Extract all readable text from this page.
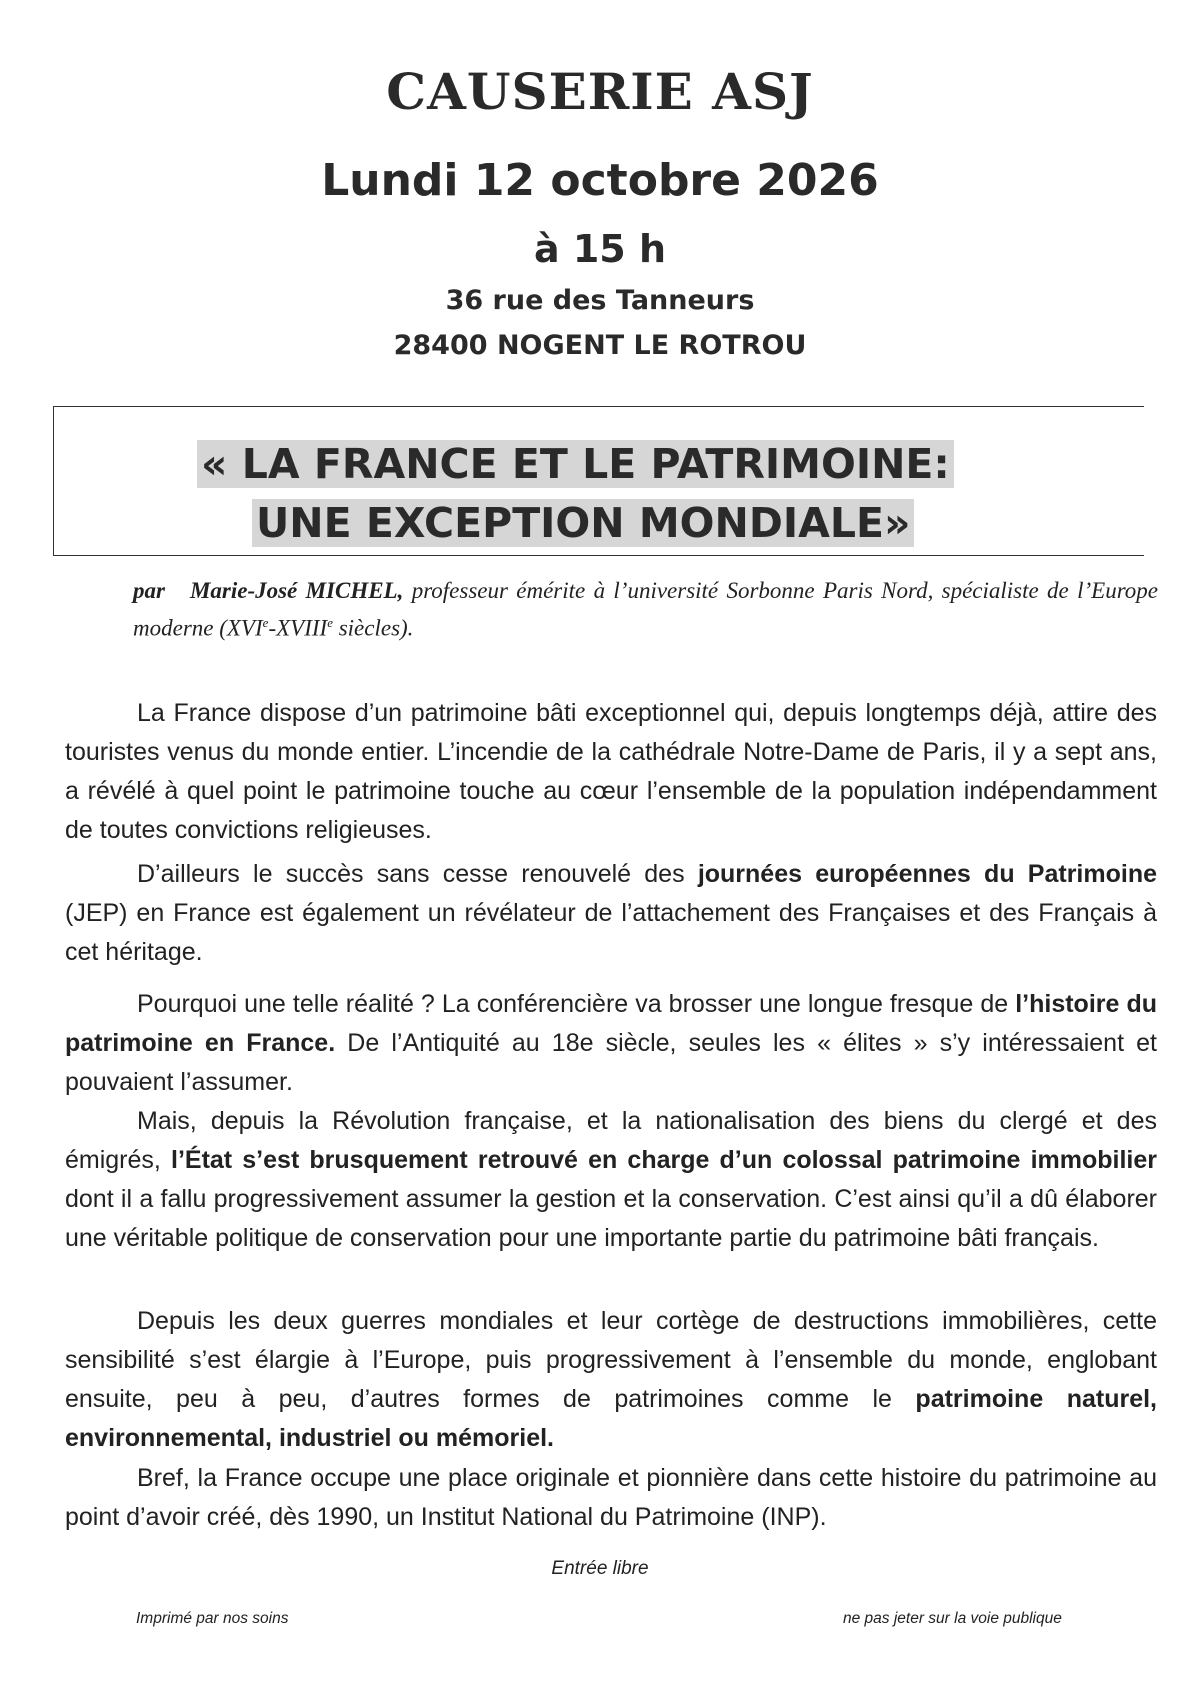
CAUSERIE ASJ
Lundi 12 octobre 2026
à 15 h
36 rue des Tanneurs
28400 NOGENT LE ROTROU
« LA FRANCE ET LE PATRIMOINE:
UNE EXCEPTION MONDIALE»
par Marie-José MICHEL, professeur émérite à l’université Sorbonne Paris Nord, spécialiste de l’Europe moderne (XVIe-XVIIIe siècles).

La France dispose d’un patrimoine bâti exceptionnel qui, depuis longtemps déjà, attire des touristes venus du monde entier. L’incendie de la cathédrale Notre-Dame de Paris, il y a sept ans, a révélé à quel point le patrimoine touche au cœur l’ensemble de la population indépendamment de toutes convictions religieuses.

D’ailleurs le succès sans cesse renouvelé des journées européennes du Patrimoine (JEP) en France est également un révélateur de l’attachement des Françaises et des Français à cet héritage.

Pourquoi une telle réalité ? La conférencière va brosser une longue fresque de l’histoire du patrimoine en France. De l’Antiquité au 18e siècle, seules les « élites » s’y intéressaient et pouvaient l’assumer.

Mais, depuis la Révolution française, et la nationalisation des biens du clergé et des émigrés, l’État s’est brusquement retrouvé en charge d’un colossal patrimoine immobilier dont il a fallu progressivement assumer la gestion et la conservation. C’est ainsi qu’il a dû élaborer une véritable politique de conservation pour une importante partie du patrimoine bâti français.

Depuis les deux guerres mondiales et leur cortège de destructions immobilières, cette sensibilité s’est élargie à l’Europe, puis progressivement à l’ensemble du monde, englobant ensuite, peu à peu, d’autres formes de patrimoines comme le patrimoine naturel, environnemental, industriel ou mémoriel.

Bref, la France occupe une place originale et pionnière dans cette histoire du patrimoine au point d’avoir créé, dès 1990, un Institut National du Patrimoine (INP).

Entrée libre
Imprimé par nos soins	ne pas jeter sur la voie publique
